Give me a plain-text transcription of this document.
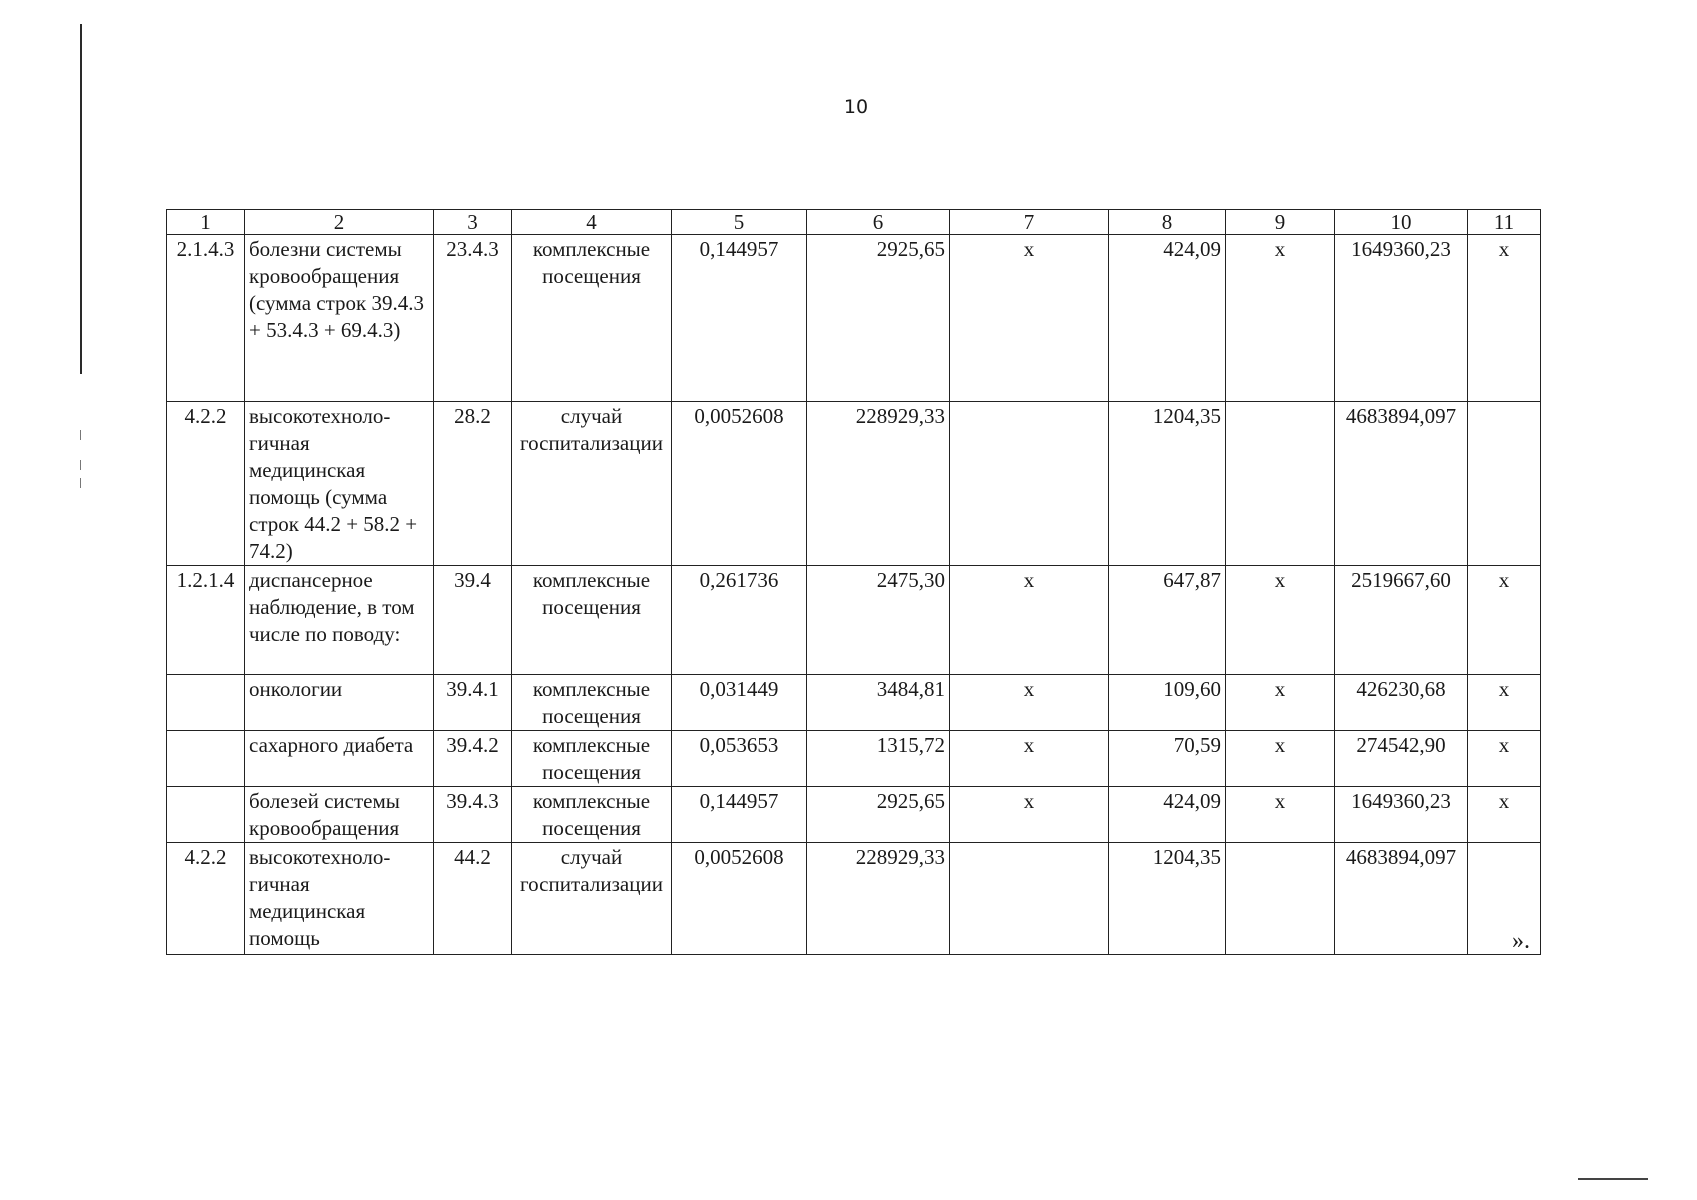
10
1	2	3	4	5	6	7	8	9	10	11
2.1.4.3	болезни системы кровообращения (сумма строк 39.4.3 + 53.4.3 + 69.4.3)	23.4.3	комплексные посещения	0,144957	2925,65	x	424,09	x	1649360,23	x
4.2.2	высокотехноло-гичная медицинская помощь (сумма строк 44.2 + 58.2 + 74.2)	28.2	случай госпитализации	0,0052608	228929,33		1204,35		4683894,097	
1.2.1.4	диспансерное наблюдение, в том числе по поводу:	39.4	комплексные посещения	0,261736	2475,30	x	647,87	x	2519667,60	x
	онкологии	39.4.1	комплексные посещения	0,031449	3484,81	x	109,60	x	426230,68	x
	сахарного диабета	39.4.2	комплексные посещения	0,053653	1315,72	x	70,59	x	274542,90	x
	болезей системы кровообращения	39.4.3	комплексные посещения	0,144957	2925,65	x	424,09	x	1649360,23	x
4.2.2	высокотехноло-гичная медицинская помощь	44.2	случай госпитализации	0,0052608	228929,33		1204,35		4683894,097	
».
